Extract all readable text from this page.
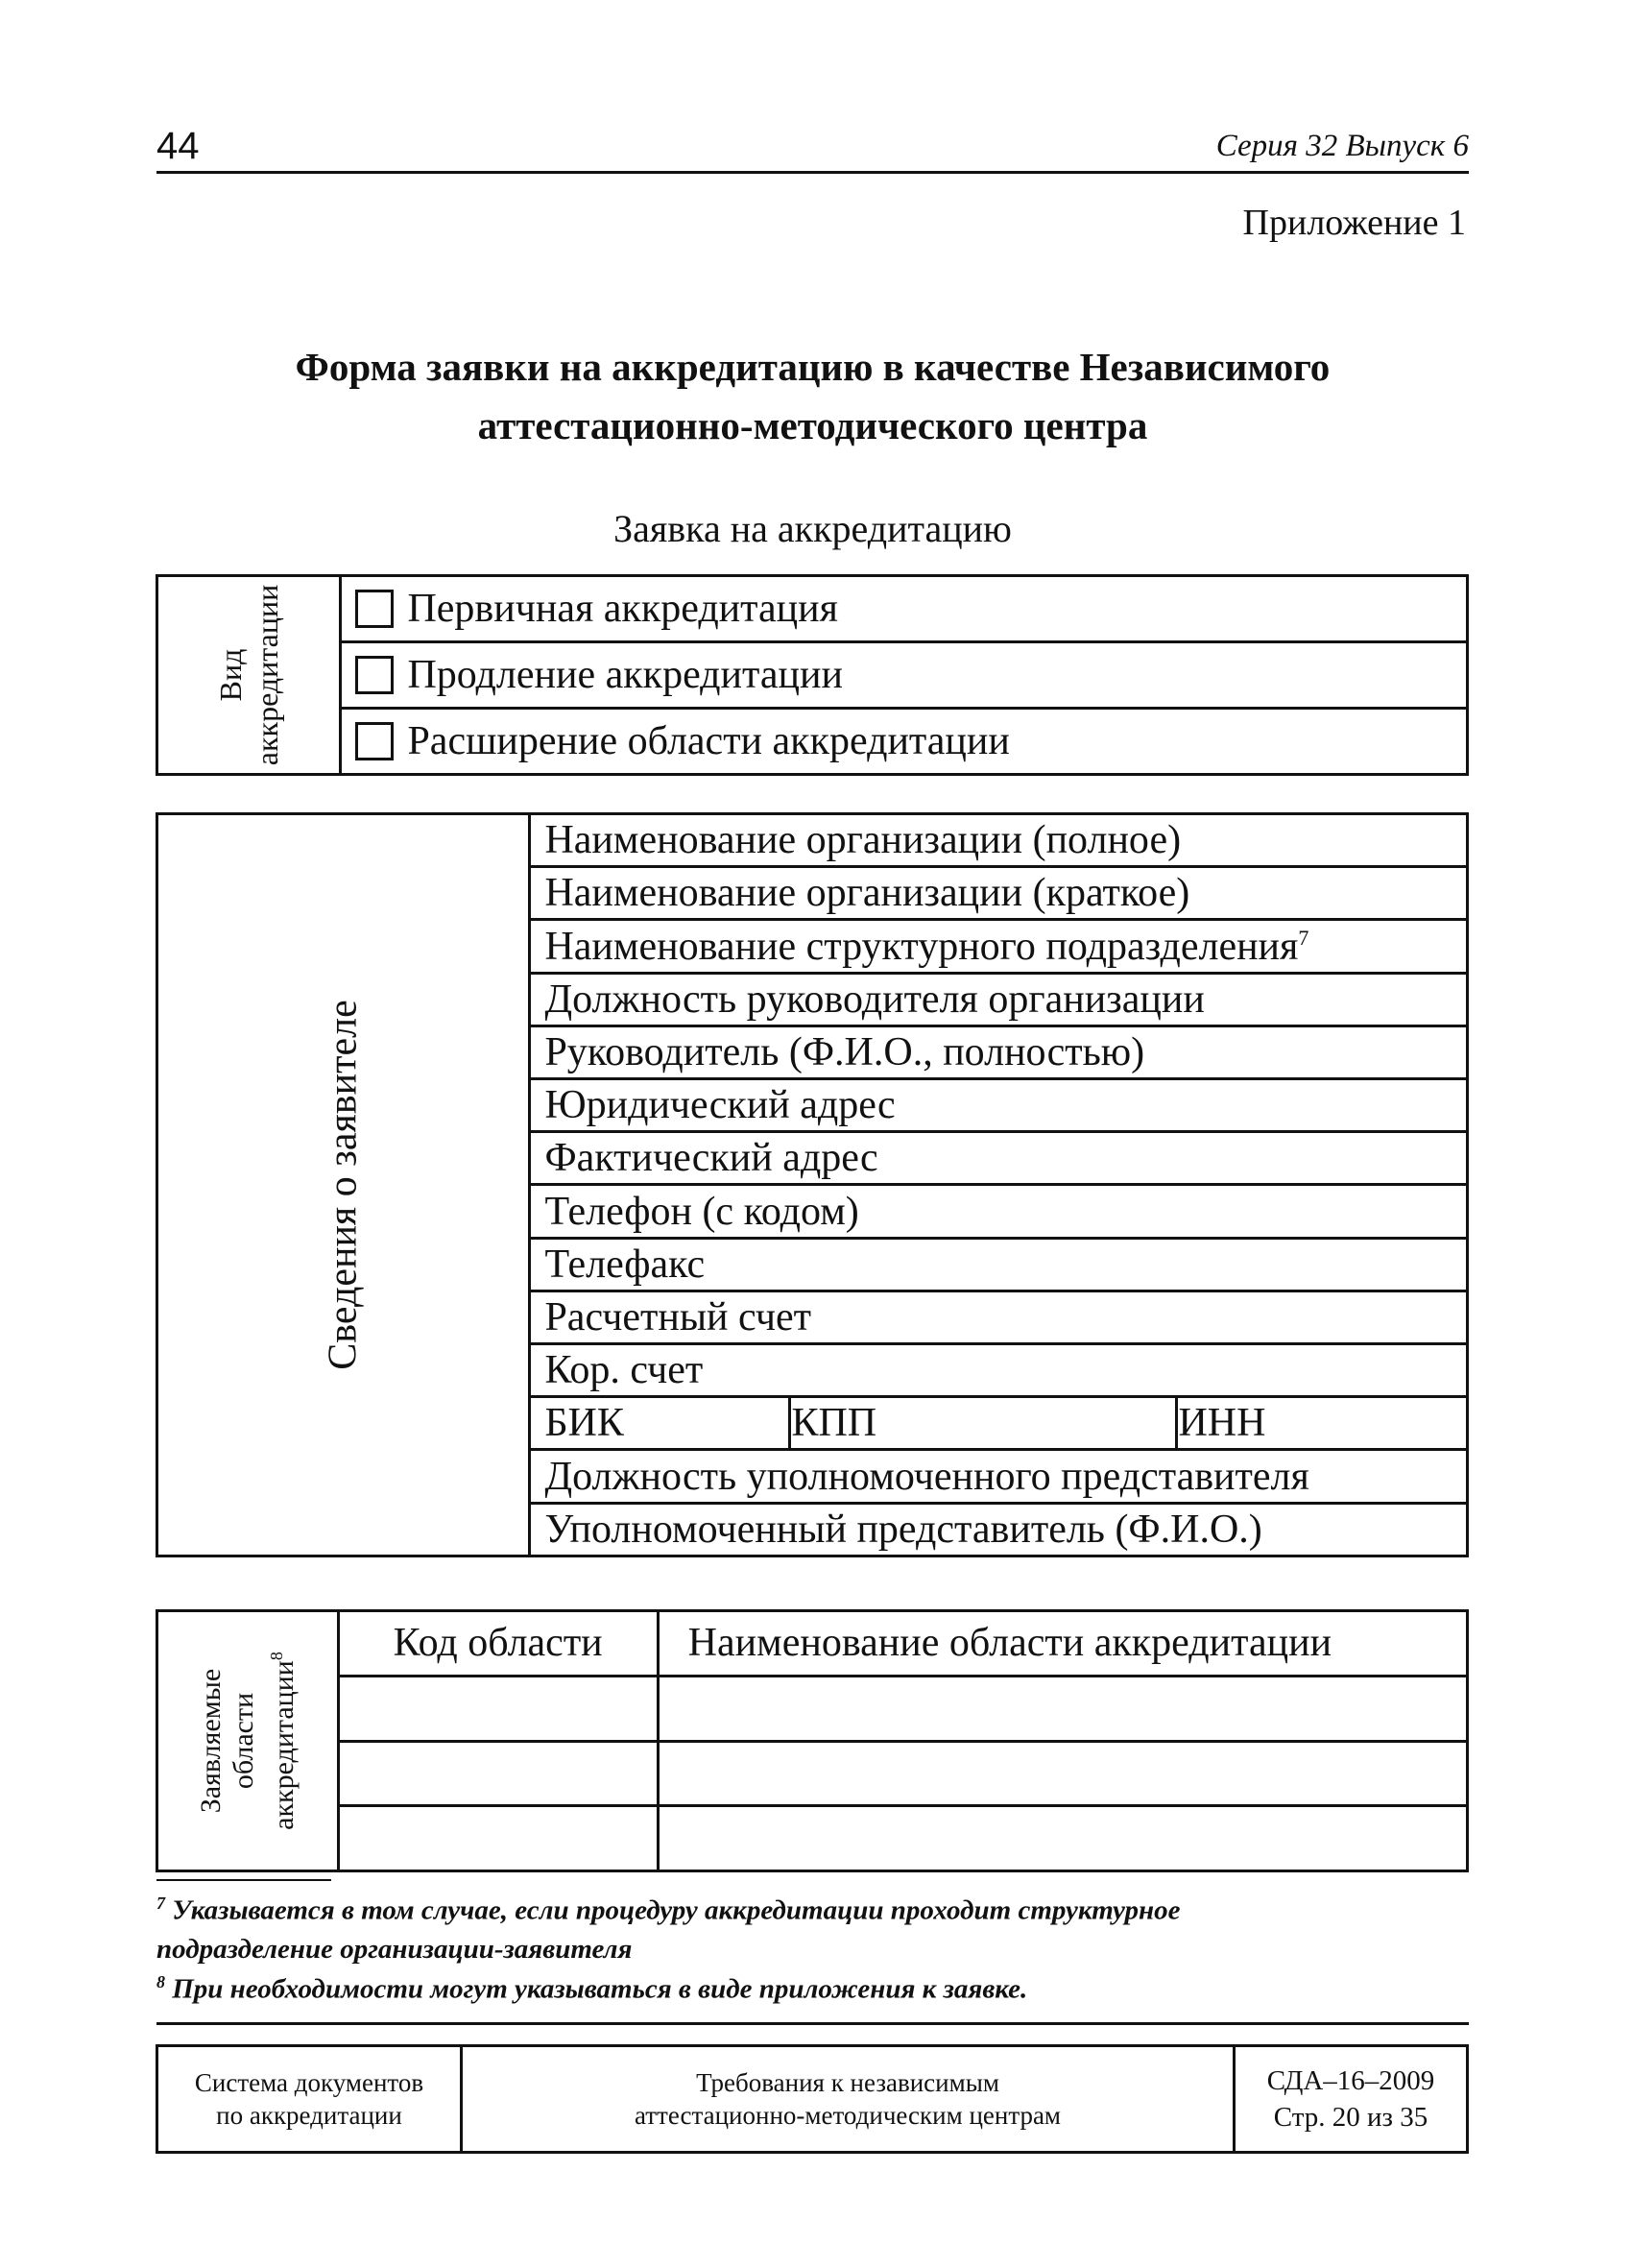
44	Серия 32 Выпуск 6
Приложение 1
Форма заявки на аккредитацию в качестве Независимого
аттестационно-методического центра
Заявка на аккредитацию
Вид аккредитации	Первичная аккредитация

Продление аккредитации

Расширение области аккредитации
Сведения о заявителе	Наименование организации (полное)		
	Наименование организации (краткое)		
	Наименование структурного подразделения$^7$
	Должность руководителя организации		
	Руководитель (Ф.И.О., полностью)		
	Юридический адрес		
	Фактический адрес		
	Телефон (с кодом)		
	Телефакс		
	Расчетный счет		
	Кор. счет		
	БИК	КПП	ИНН
	Должность уполномоченного представителя		
	Уполномоченный представитель (Ф.И.О.)		
Заявляемые области аккредитации$^8$	Код области	Наименование области аккредитации

$^7$ Указывается в том случае, если процедуру аккредитации проходит структурное
подразделение организации-заявителя
$^8$ При необходимости могут указываться в виде приложения к заявке.
Система документов
по аккредитации

Требования к независимым
аттестационно-методическим центрам

СДА–16–2009
Стр. 20 из 35
